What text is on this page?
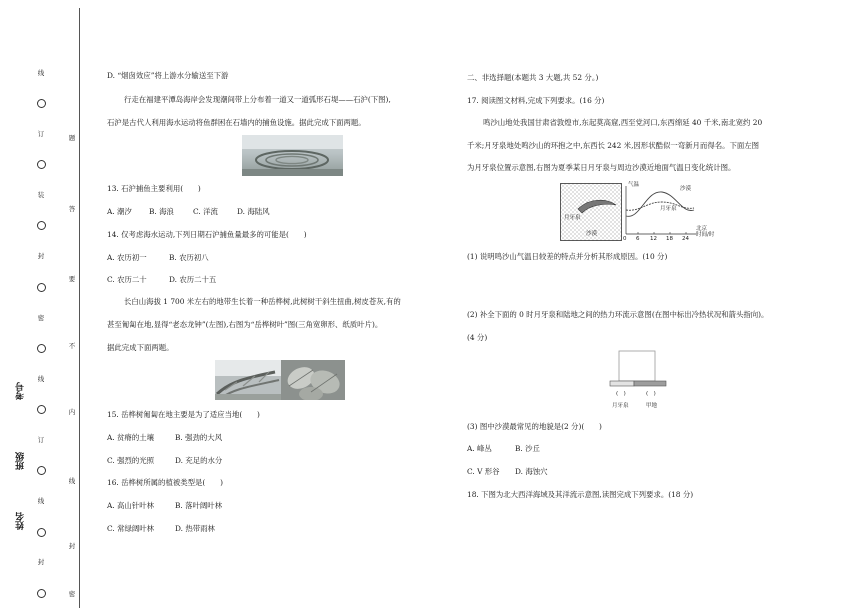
线
订
装
封
密
线
订
线
封
题
答
要
不
内
线
封
密
考号
班级
姓名
D. “烟囱效应”将上游水分输送至下游
行走在福建平潭岛海岸会发现潮间带上分布着一道又一道弧形石堤——石沪(下图),
石沪是古代人利用海水运动将鱼群困在石墙内的捕鱼设施。据此完成下面两题。
13. 石沪捕鱼主要利用(　　)
A. 潮汐 B. 海浪	C. 洋流	D. 海陆风
14. 仅考虑海水运动,下列日期石沪捕鱼量最多的可能是(　　)
A. 农历初一	B. 农历初八
C. 农历二十	D. 农历二十五
长白山海拔 1 700 米左右的地带生长着一种岳桦树,此树树干斜生扭曲,树皮苍灰,有的
甚至匍匐在地,显得“老态龙钟”(左图),右图为“岳桦树叶”图(三角宽卵形、纸质叶片)。
据此完成下面两题。
15. 岳桦树匍匐在地主要是为了适应当地(　　)
A. 贫瘠的土壤	B. 强劲的大风
C. 强烈的光照	D. 充足的水分
16. 岳桦树所属的植被类型是(　　)
A. 高山针叶林	B. 落叶阔叶林
C. 常绿阔叶林	D. 热带雨林
二、非选择题(本题共 3 大题,共 52 分。)
17. 阅读图文材料,完成下列要求。(16 分)
鸣沙山地处我国甘肃省敦煌市,东起莫高窟,西至党河口,东西绵延 40 千米,南北宽约 20
千米;月牙泉地处鸣沙山的环抱之中,东西长 242 米,因形状酷似一弯新月而得名。下面左图
为月牙泉位置示意图,右图为夏季某日月牙泉与周边沙漠近地面气温日变化统计图。
月牙泉
沙漠
气温
沙漠
月牙泉
0 6 12 18 24
北京
时间/时
(1) 说明鸣沙山气温日较差的特点并分析其形成原因。(10 分)
(2) 补全下面的 0 时月牙泉和陆地之间的热力环流示意图(在图中标出冷热状况和箭头指向)。
(4 分)
(　)	(　)
月牙泉	甲地
(3) 图中沙漠最常见的地貌是(2 分)(　　)
A. 峰丛	B. 沙丘
C. V 形谷 D. 海蚀穴
18. 下图为北大西洋海域及其洋流示意图,读图完成下列要求。(18 分)
